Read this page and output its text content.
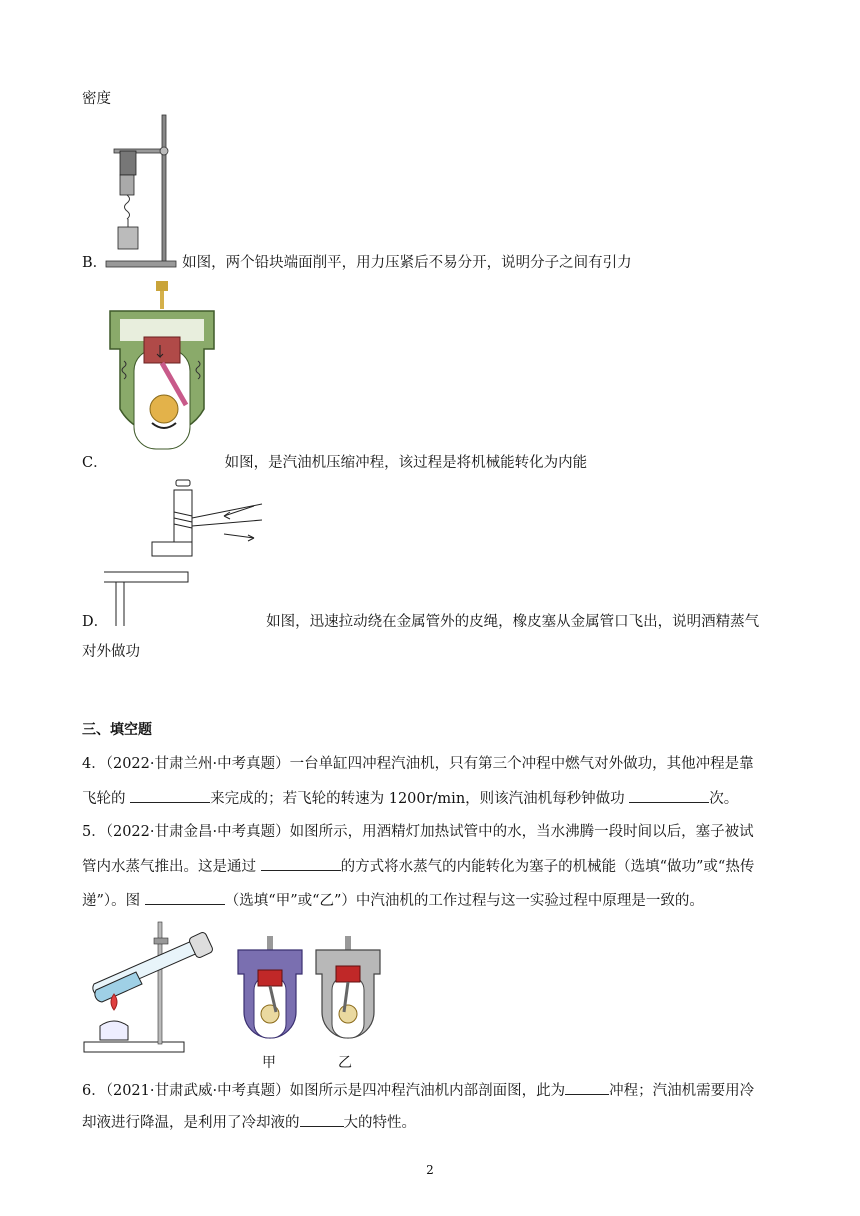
密度
B．	如图，两个铅块端面削平，用力压紧后不易分开，说明分子之间有引力
C．	如图，是汽油机压缩冲程，该过程是将机械能转化为内能
D．	如图，迅速拉动绕在金属管外的皮绳，橡皮塞从金属管口飞出，说明酒精蒸气
对外做功
三、填空题
4．（2022·甘肃兰州·中考真题）一台单缸四冲程汽油机，只有第三个冲程中燃气对外做功，其他冲程是靠
飞轮的	来完成的；若飞轮的转速为 1200r/min，则该汽油机每秒钟做功	次。
5．（2022·甘肃金昌·中考真题）如图所示，用酒精灯加热试管中的水，当水沸腾一段时间以后，塞子被试
管内水蒸气推出。这是通过	的方式将水蒸气的内能转化为塞子的机械能（选填“做功”或“热传
递”）。图	（选填“甲”或“乙”）中汽油机的工作过程与这一实验过程中原理是一致的。
甲	乙
6．（2021·甘肃武威·中考真题）如图所示是四冲程汽油机内部剖面图，此为	冲程；汽油机需要用冷
却液进行降温，是利用了冷却液的	大的特性。
2
